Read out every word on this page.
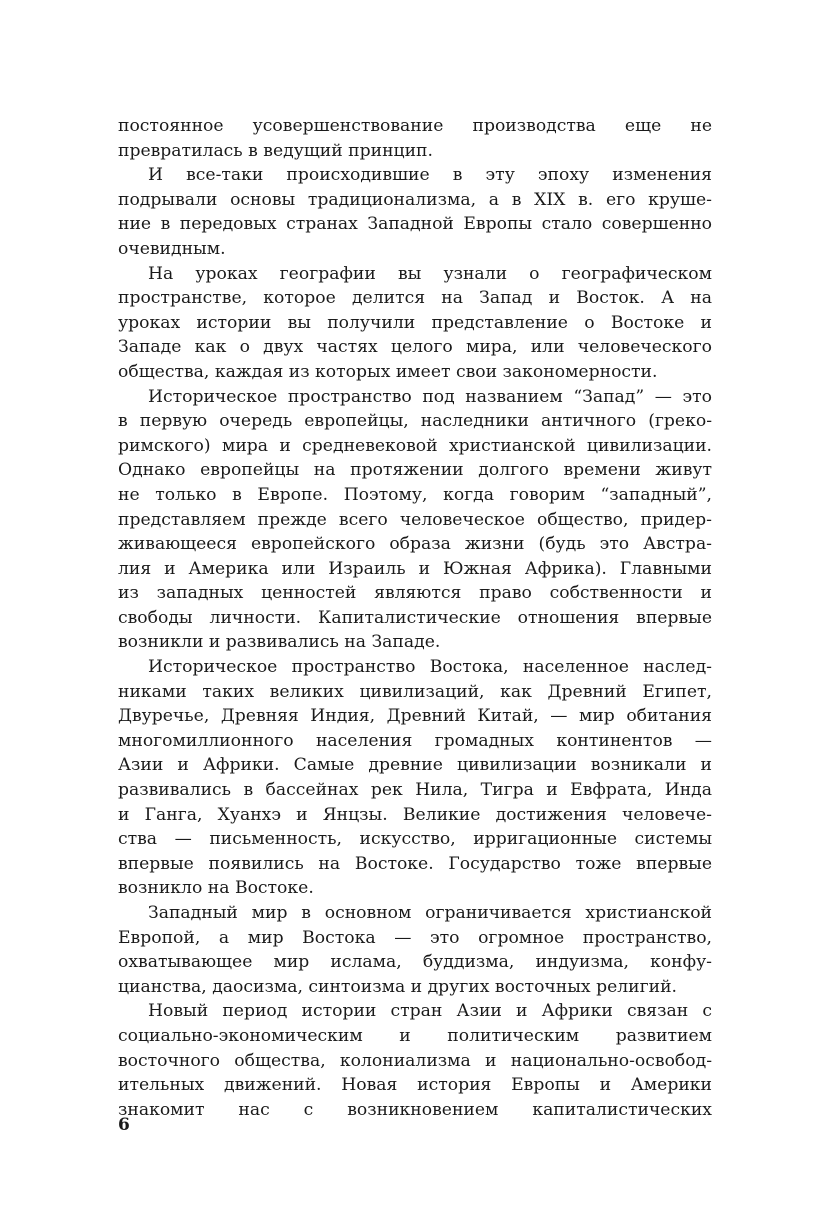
постоянное усовершенствование производства еще не
превратилась в ведущий принцип.
И все-таки происходившие в эту эпоху изменения
подрывали основы традиционализма, а в XIX в. его круше-
ние в передовых странах Западной Европы стало совершенно
очевидным.
На уроках географии вы узнали о географическом
пространстве, которое делится на Запад и Восток. А на
уроках истории вы получили представление о Востоке и
Западе как о двух частях целого мира, или человеческого
общества, каждая из которых имеет свои закономерности.
Историческое пространство под названием “Запад” — это
в первую очередь европейцы, наследники античного (греко-
римского) мира и средневековой христианской цивилизации.
Однако европейцы на протяжении долгого времени живут
не только в Европе. Поэтому, когда говорим “западный”,
представляем прежде всего человеческое общество, придер-
живающееся европейского образа жизни (будь это Австра-
лия и Америка или Израиль и Южная Африка). Главными
из западных ценностей являются право собственности и
свободы личности. Капиталистические отношения впервые
возникли и развивались на Западе.
Историческое пространство Востока, населенное наслед-
никами таких великих цивилизаций, как Древний Египет,
Двуречье, Древняя Индия, Древний Китай, — мир обитания
многомиллионного населения громадных континентов —
Азии и Африки. Самые древние цивилизации возникали и
развивались в бассейнах рек Нила, Тигра и Евфрата, Инда
и Ганга, Хуанхэ и Янцзы. Великие достижения человече-
ства — письменность, искусство, ирригационные системы
впервые появились на Востоке. Государство тоже впервые
возникло на Востоке.
Западный мир в основном ограничивается христианской
Европой, а мир Востока — это огромное пространство,
охватывающее мир ислама, буддизма, индуизма, конфу-
цианства, даосизма, синтоизма и других восточных религий.
Новый период истории стран Азии и Африки связан с
социально-экономическим и политическим развитием
восточного общества, колониализма и национально-освобод-
ительных движений. Новая история Европы и Америки
знакомит нас с возникновением капиталистических
6
